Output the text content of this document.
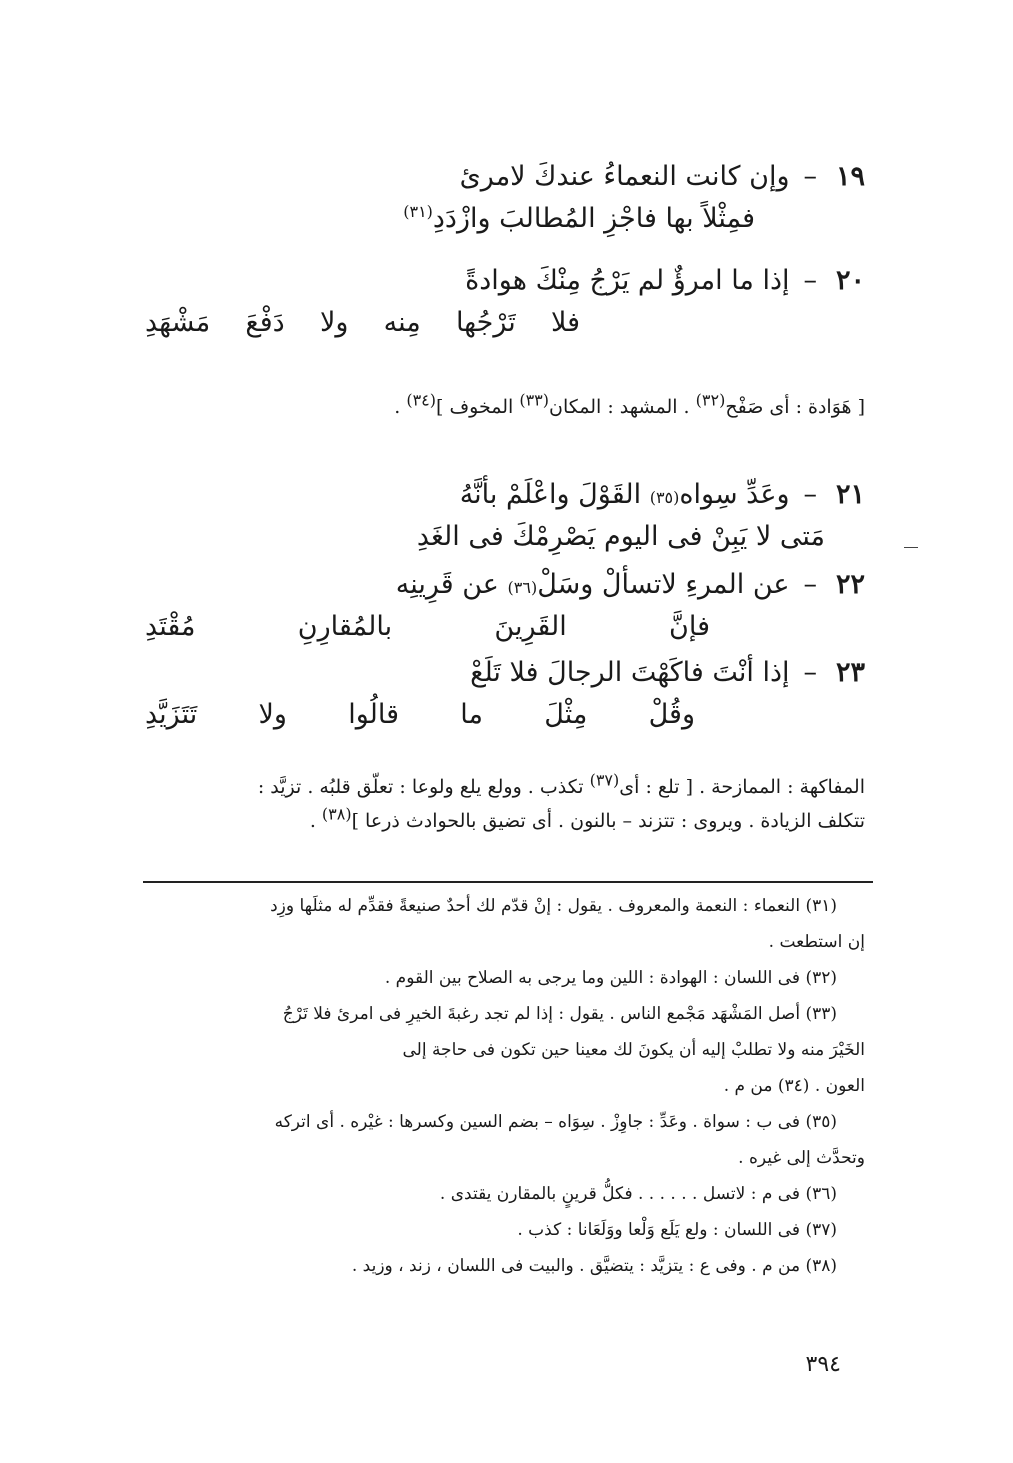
١٩
–
وإن كانت النعماءُ عندكَ لامرئ
فمِثْلاً بها فاجْزِ المُطالبَ وازْدَدِ$^{(٣١)}$
٢٠
–
إذا ما امرؤٌ لم يَرْجُ مِنْكَ هوادةً
فلا
تَرْجُها
مِنه
ولا
دَفْعَ
مَشْهَدِ
[ هَوَادة : أى صَفْح$^{(٣٢)}$ . المشهد : المكان$^{(٣٣)}$ المخوف ]$^{(٣٤)}$ .
٢١
–
وعَدِّ سِواه
(٣٥)

القَوْلَ واعْلَمْ بأنَّهُ
مَتى لا يَبِنْ فى اليوم يَصْرِمْكَ فى الغَدِ
٢٢
–
عن المرءِ لاتسألْ وسَلْ
(٣٦)

عن قَرِينِه
فإنَّ
القَرِينَ
بالمُقارِنِ
مُقْتَدِ
٢٣
–
إذا أنْتَ فاكَهْتَ الرجالَ فلا تَلَعْ
وقُلْ
مِثْلَ
ما
قالُوا
ولا
تَتَزَيَّدِ
المفاكهة : الممازحة . [ تلع : أى$^{(٣٧)}$ تكذب . وولع يلع ولوعا : تعلّق قلبُه . تزيَّد :
تتكلف الزيادة . ويروى : تتزند – بالنون . أى تضيق بالحوادث ذرعا ]$^{(٣٨)}$ .

(٣١) النعماء : النعمة والمعروف . يقول : إنْ قدّم لك أحدٌ صنيعةً فقدِّم له مثلَها وزِد

إن استطعت .

(٣٢) فى اللسان : الهوادة : اللين وما يرجى به الصلاح بين القوم .

(٣٣) أصل المَشْهَد مَجْمع الناس . يقول : إذا لم تجد رغبةَ الخيرِ فى امرئ فلا تَرْجُ

الخَيْرَ منه ولا تطلبْ إليه أن يكونَ لك معينا حين تكون فى حاجة إلى

العون . (٣٤) من م .

(٣٥) فى ب : سواة . وعَدِّ : جاوِزْ . سِوَاه – بضم السين وكسرها : غيْره . أى اتركه

وتحدَّث إلى غيره .

(٣٦) فى م : لاتسل . . . . . . فكلُّ قرينٍ بالمقارن يقتدى .

(٣٧) فى اللسان : ولع يَلَع وَلْعا ووَلَعَانا : كذب .

(٣٨) من م . وفى ع : يتزيَّد : يتضيَّق . والبيت فى اللسان ، زند ، وزيد .

٣٩٤
